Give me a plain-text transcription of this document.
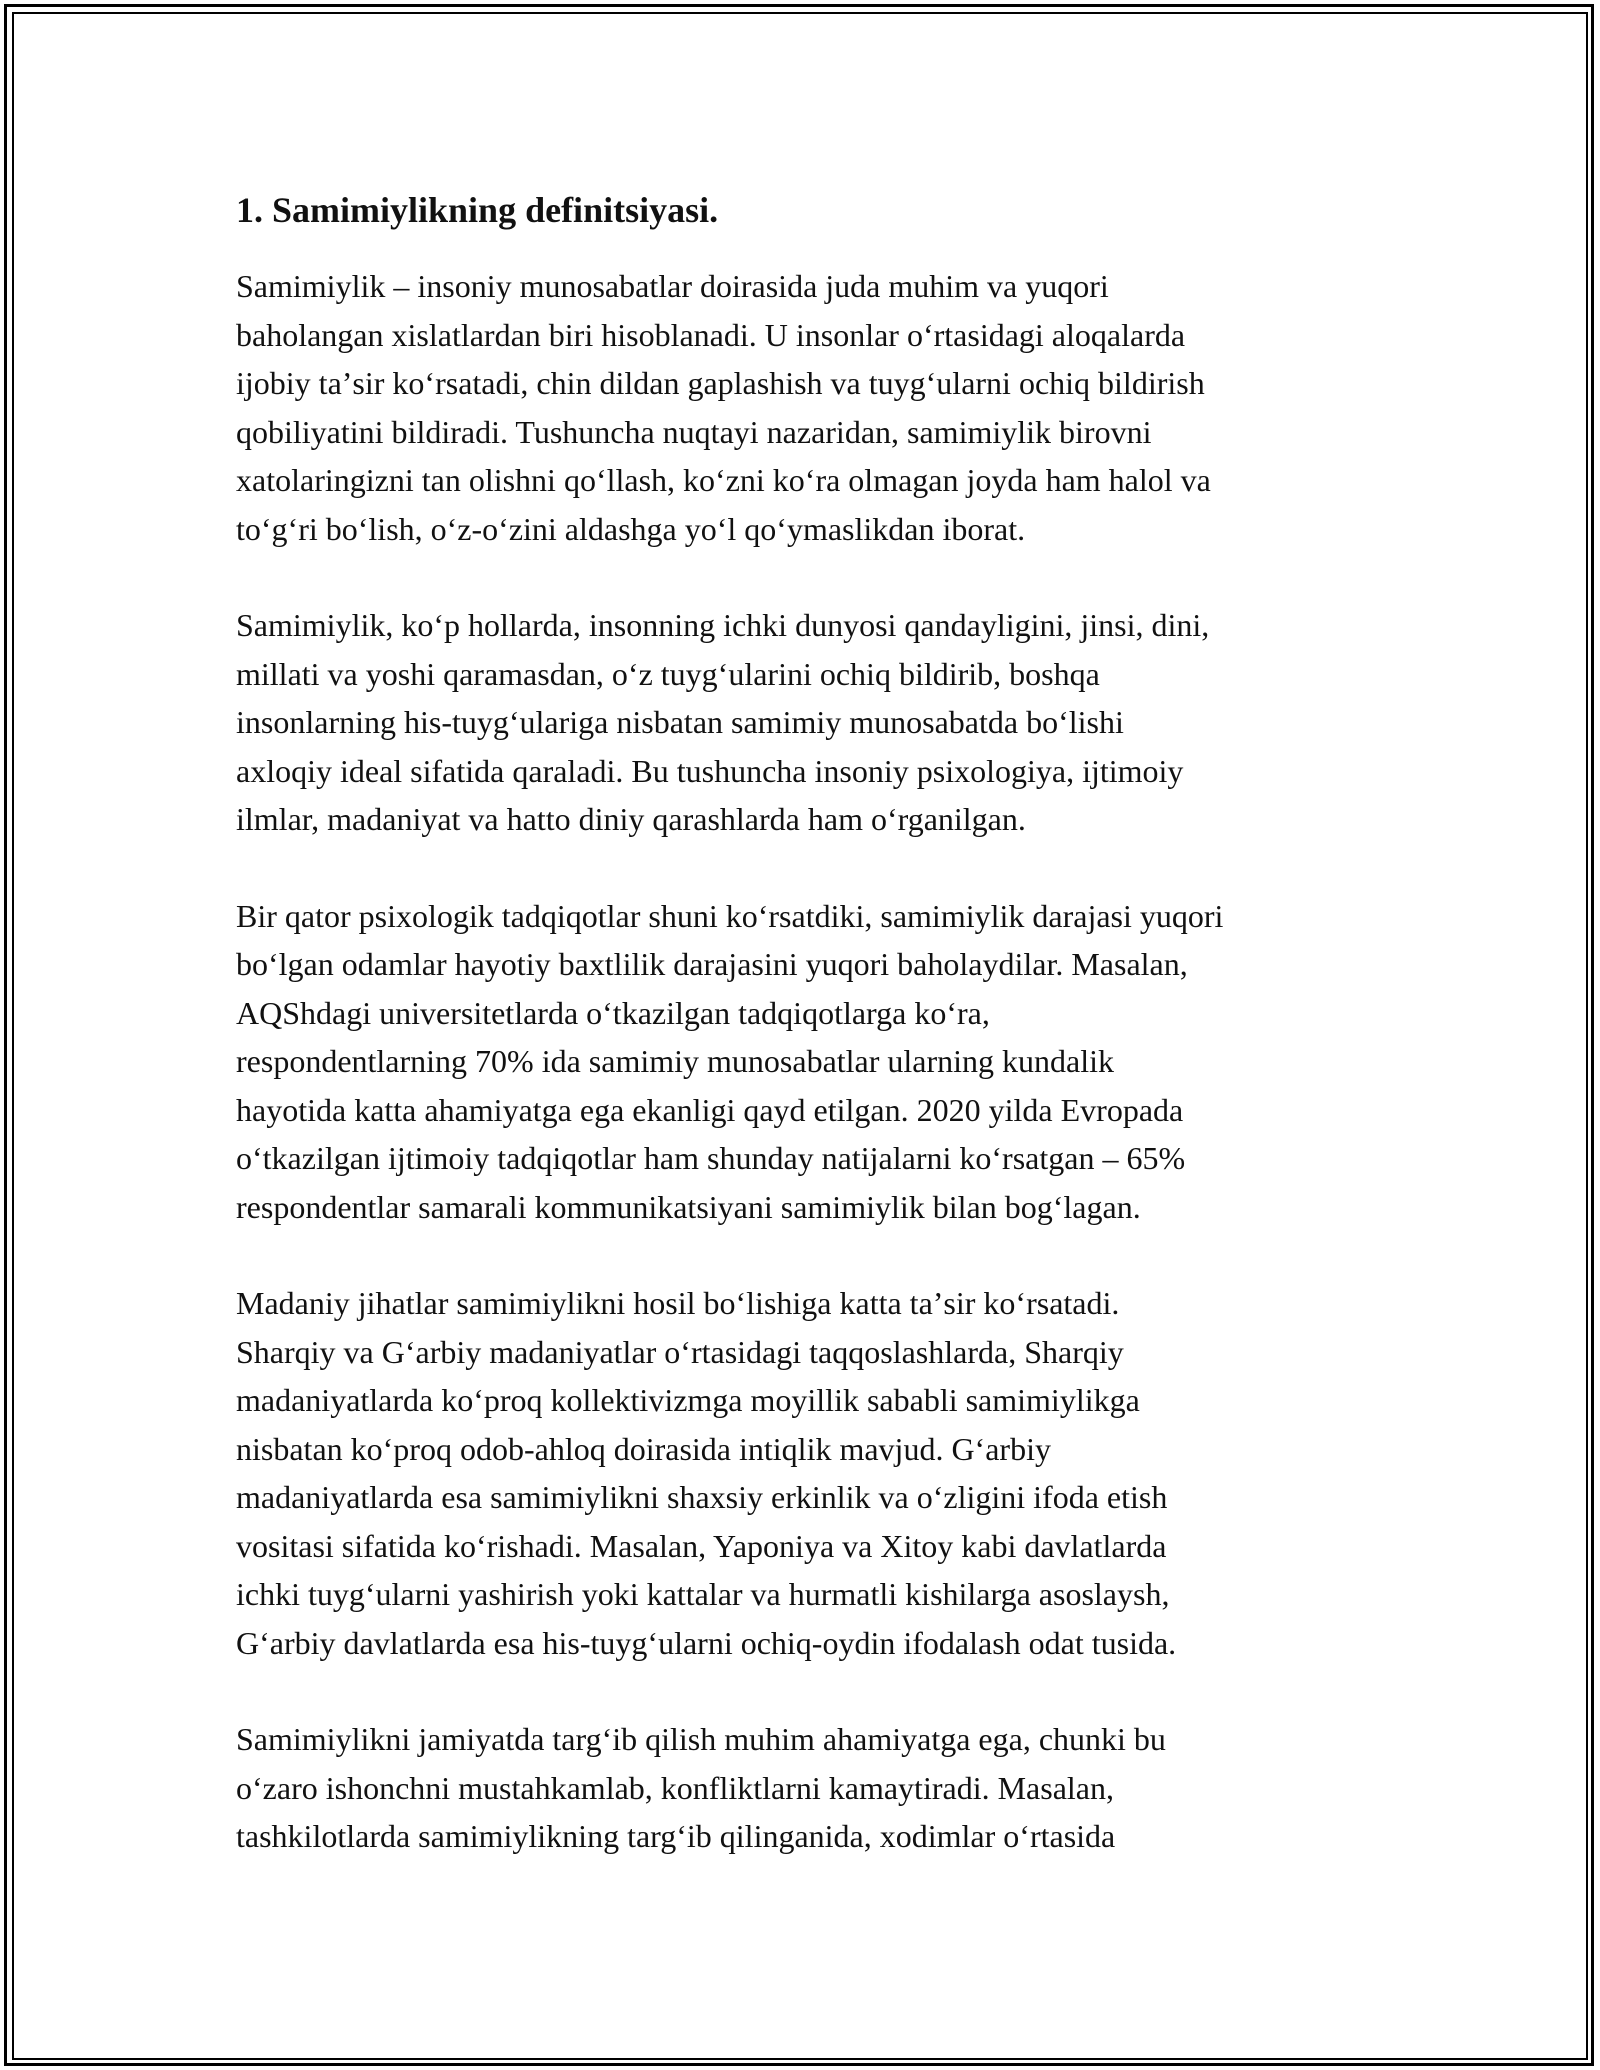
1. Samimiylikning definitsiyasi.
Samimiylik – insoniy munosabatlar doirasida juda muhim va yuqori
baholangan xislatlardan biri hisoblanadi. U insonlar oʻrtasidagi aloqalarda
ijobiy taʼsir koʻrsatadi, chin dildan gaplashish va tuygʻularni ochiq bildirish
qobiliyatini bildiradi. Tushuncha nuqtayi nazaridan, samimiylik birovni
xatolaringizni tan olishni qoʻllash, koʻzni koʻra olmagan joyda ham halol va
toʻgʻri boʻlish, oʻz-oʻzini aldashga yoʻl qoʻymaslikdan iborat.
Samimiylik, koʻp hollarda, insonning ichki dunyosi qandayligini, jinsi, dini,
millati va yoshi qaramasdan, oʻz tuygʻularini ochiq bildirib, boshqa
insonlarning his-tuygʻulariga nisbatan samimiy munosabatda boʻlishi
axloqiy ideal sifatida qaraladi. Bu tushuncha insoniy psixologiya, ijtimoiy
ilmlar, madaniyat va hatto diniy qarashlarda ham oʻrganilgan.
Bir qator psixologik tadqiqotlar shuni koʻrsatdiki, samimiylik darajasi yuqori
boʻlgan odamlar hayotiy baxtlilik darajasini yuqori baholaydilar. Masalan,
AQShdagi universitetlarda oʻtkazilgan tadqiqotlarga koʻra,
respondentlarning 70% ida samimiy munosabatlar ularning kundalik
hayotida katta ahamiyatga ega ekanligi qayd etilgan. 2020 yilda Evropada
oʻtkazilgan ijtimoiy tadqiqotlar ham shunday natijalarni koʻrsatgan – 65%
respondentlar samarali kommunikatsiyani samimiylik bilan bogʻlagan.
Madaniy jihatlar samimiylikni hosil boʻlishiga katta taʼsir koʻrsatadi.
Sharqiy va Gʻarbiy madaniyatlar oʻrtasidagi taqqoslashlarda, Sharqiy
madaniyatlarda koʻproq kollektivizmga moyillik sababli samimiylikga
nisbatan koʻproq odob-ahloq doirasida intiqlik mavjud. Gʻarbiy
madaniyatlarda esa samimiylikni shaxsiy erkinlik va oʻzligini ifoda etish
vositasi sifatida koʻrishadi. Masalan, Yaponiya va Xitoy kabi davlatlarda
ichki tuygʻularni yashirish yoki kattalar va hurmatli kishilarga asoslaysh,
Gʻarbiy davlatlarda esa his-tuygʻularni ochiq-oydin ifodalash odat tusida.
Samimiylikni jamiyatda targʻib qilish muhim ahamiyatga ega, chunki bu
oʻzaro ishonchni mustahkamlab, konfliktlarni kamaytiradi. Masalan,
tashkilotlarda samimiylikning targʻib qilinganida, xodimlar oʻrtasida
